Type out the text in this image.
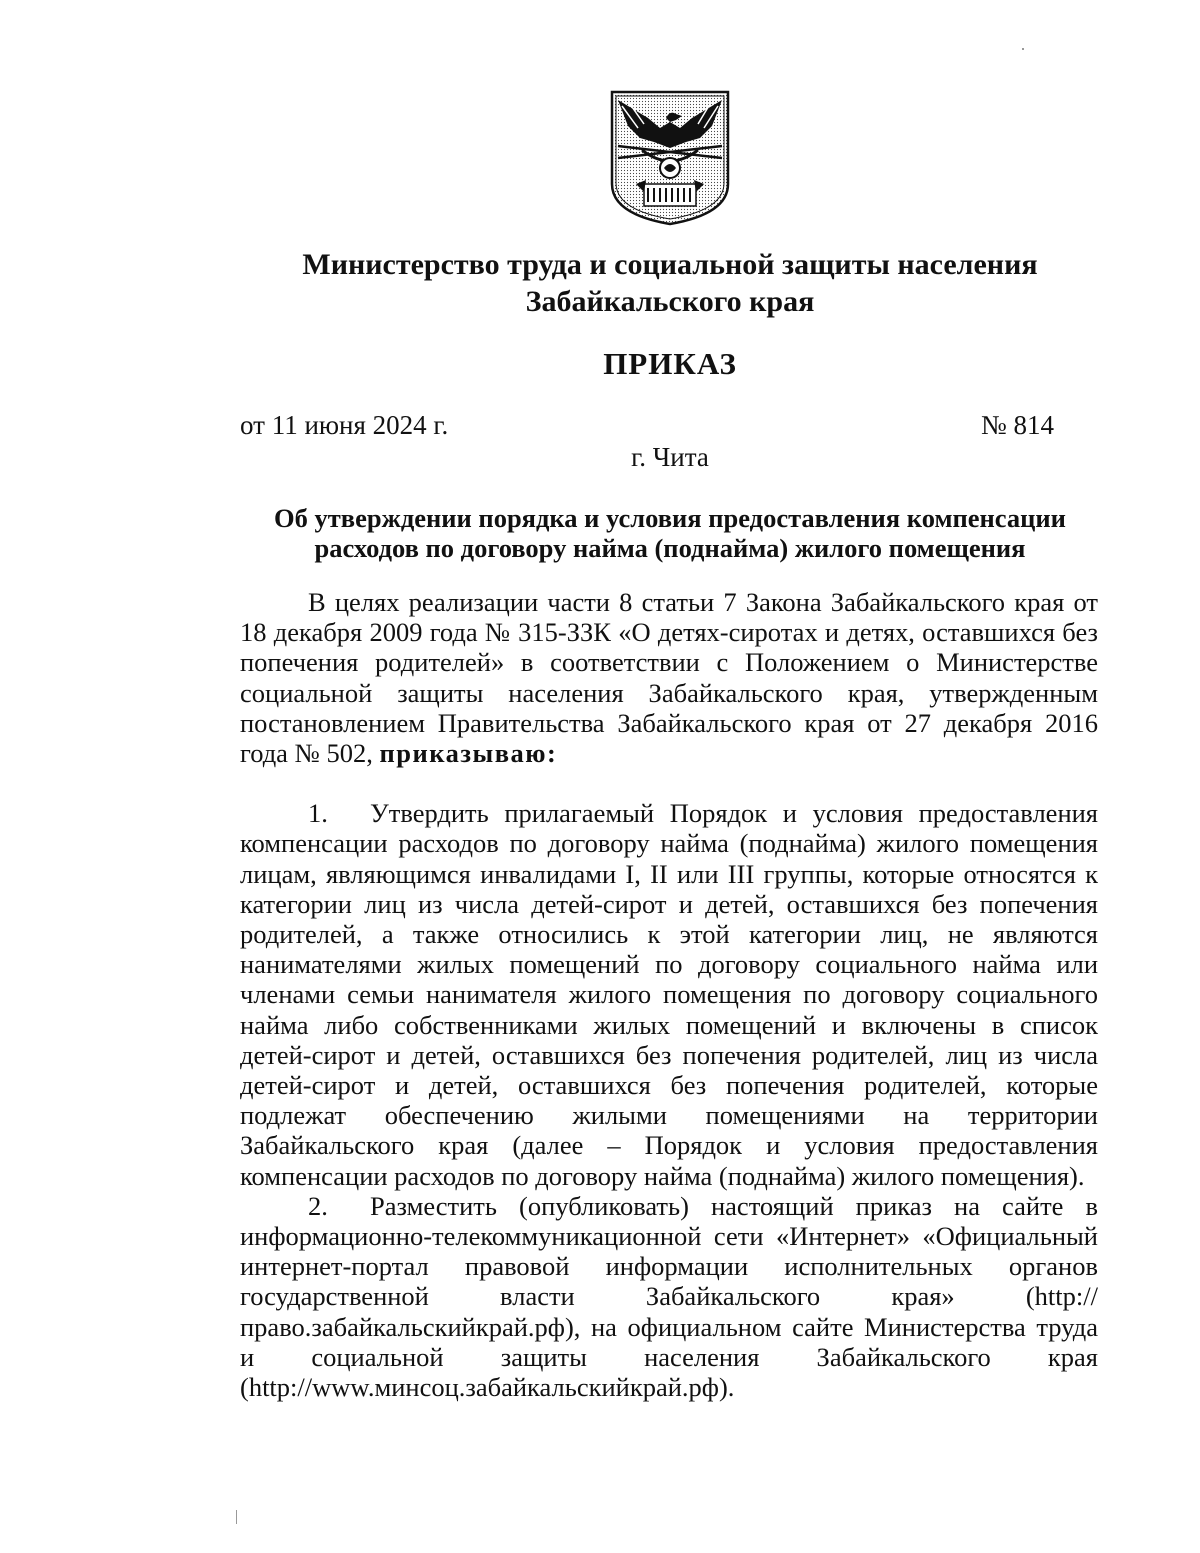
Министерство труда и социальной защиты населения
Забайкальского края
ПРИКАЗ
от 11 июня 2024 г.	№ 814
г. Чита
Об утверждении порядка и условия предоставления компенсации
расходов по договору найма (поднайма) жилого помещения

В целях реализации части 8 статьи 7 Закона Забайкальского края от 18 декабря 2009 года № 315-ЗЗК «О детях-сиротах и детях, оставшихся без попечения родителей» в соответствии с Положением о Министерстве социальной защиты населения Забайкальского края, утвержденным постановлением Правительства Забайкальского края от 27 декабря 2016 года № 502, приказываю:

1. Утвердить прилагаемый Порядок и условия предоставления компенсации расходов по договору найма (поднайма) жилого помещения лицам, являющимся инвалидами I, II или III группы, которые относятся к категории лиц из числа детей-сирот и детей, оставшихся без попечения родителей, а также относились к этой категории лиц, не являются нанимателями жилых помещений по договору социального найма или членами семьи нанимателя жилого помещения по договору социального найма либо собственниками жилых помещений и включены в список детей-сирот и детей, оставшихся без попечения родителей, лиц из числа детей-сирот и детей, оставшихся без попечения родителей, которые подлежат обеспечению жилыми помещениями на территории Забайкальского края (далее – Порядок и условия предоставления компенсации расходов по договору найма (поднайма) жилого помещения).

2. Разместить (опубликовать) настоящий приказ на сайте в информационно-телекоммуникационной сети «Интернет» «Официальный интернет-портал правовой информации исполнительных органов государственной власти Забайкальского края» (http://право.забайкальскийкрай.рф), на официальном сайте Министерства труда и социальной защиты населения Забайкальского края (http://www.минсоц.забайкальскийкрай.рф).
